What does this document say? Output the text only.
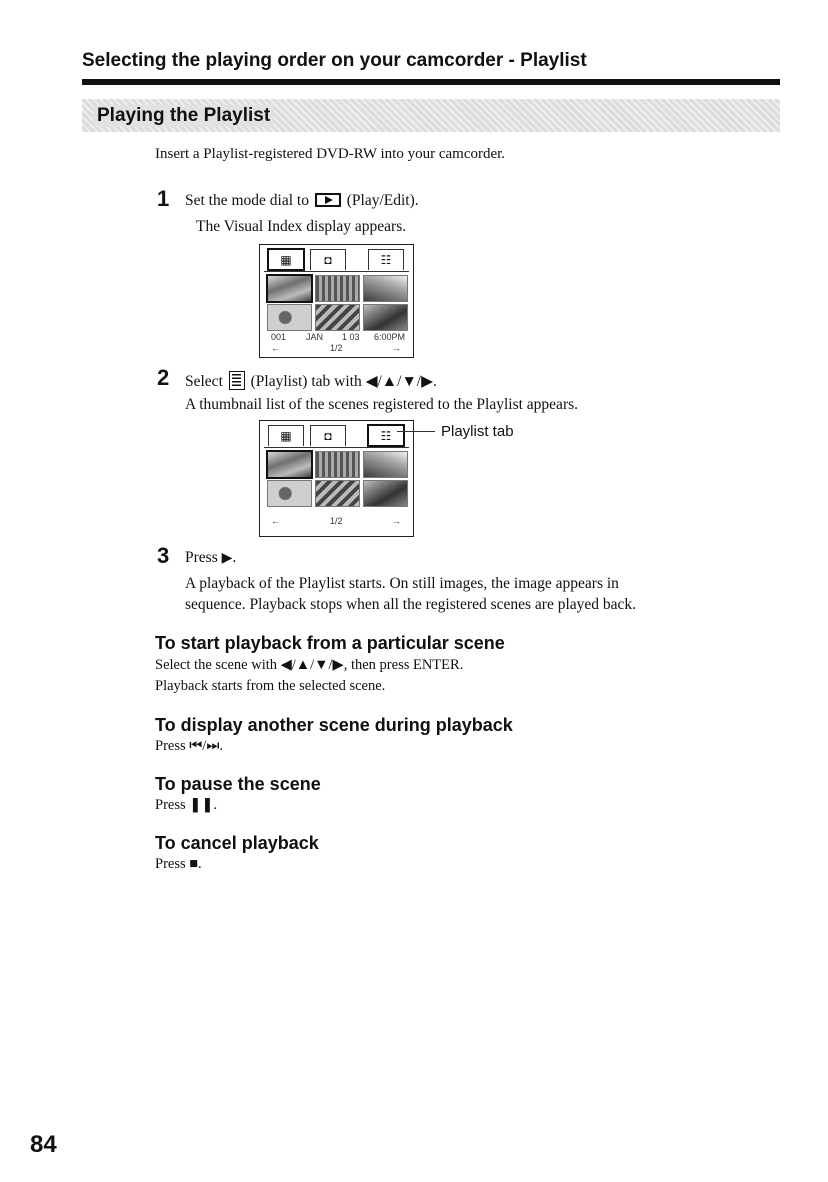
Selecting the playing order on your camcorder - Playlist
Playing the Playlist
Insert a Playlist-registered DVD-RW into your camcorder.
1 Set the mode dial to (Play/Edit).
The Visual Index display appears.
▦	◘	☷
001 JAN 1 03 6:00PM
←	1/2	→
2 Select (Playlist) tab with ◀/▲/▼/▶.
A thumbnail list of the scenes registered to the Playlist appears.
▦	◘	☷
←	1/2	→
Playlist tab
3 Press ▶.
A playback of the Playlist starts. On still images, the image appears in
sequence. Playback stops when all the registered scenes are played back.
To start playback from a particular scene
Select the scene with ◀/▲/▼/▶, then press ENTER.
Playback starts from the selected scene.
To display another scene during playback
Press ⏮/⏭.
To pause the scene
Press ❚❚.
To cancel playback
Press ■.
84
